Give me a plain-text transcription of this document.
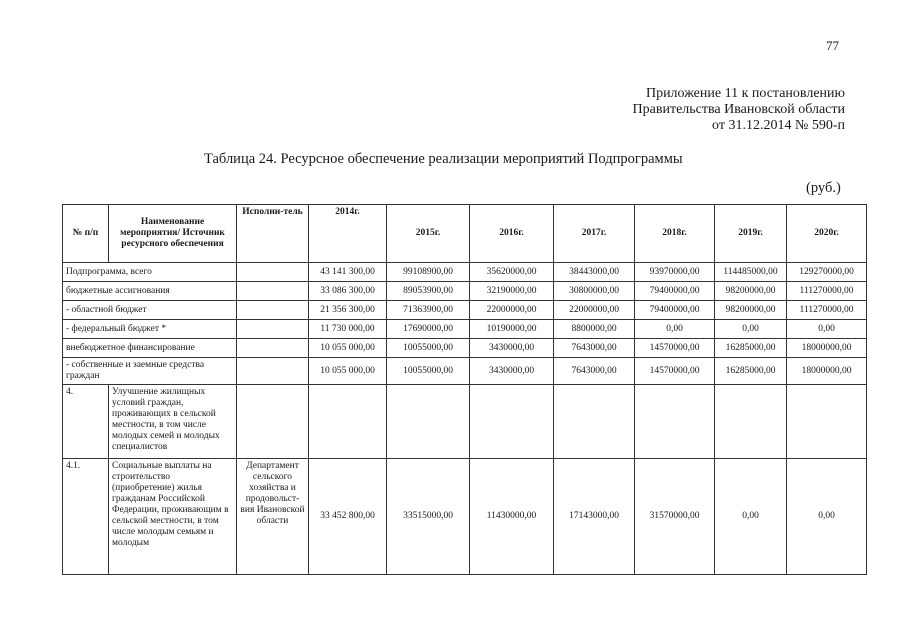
77
Приложение 11 к постановлению
Правительства Ивановской области
от 31.12.2014 № 590-п
Таблица 24. Ресурсное обеспечение реализации мероприятий Подпрограммы
(руб.)
№ п/п	Наименование мероприятия/ Источник ресурсного обеспечения	Исполни-тель	2014г.	2015г.	2016г.	2017г.	2018г.	2019г.	2020г.
Подпрограмма, всего			43 141 300,00	99108900,00	35620000,00	38443000,00	93970000,00	114485000,00	129270000,00
бюджетные ассигнования			33 086 300,00	89053900,00	32190000,00	30800000,00	79400000,00	98200000,00	111270000,00
- областной бюджет			21 356 300,00	71363900,00	22000000,00	22000000,00	79400000,00	98200000,00	111270000,00
- федеральный бюджет *			11 730 000,00	17690000,00	10190000,00	8800000,00	0,00	0,00	0,00
внебюджетное финансирование			10 055 000,00	10055000,00	3430000,00	7643000,00	14570000,00	16285000,00	18000000,00
- собственные и заемные средства граждан			10 055 000,00	10055000,00	3430000,00	7643000,00	14570000,00	16285000,00	18000000,00
4.	Улучшение жилищных условий граждан, проживающих в сельской местности, в том числе молодых семей и молодых специалистов								
4.1.	Социальные выплаты на строительство (приобретение) жилья гражданам Российской Федерации, проживающим в сельской местности, в том числе молодым семьям и молодым	Департамент сельского хозяйства и продовольст-вия Ивановской области	33 452 800,00	33515000,00	11430000,00	17143000,00	31570000,00	0,00	0,00
